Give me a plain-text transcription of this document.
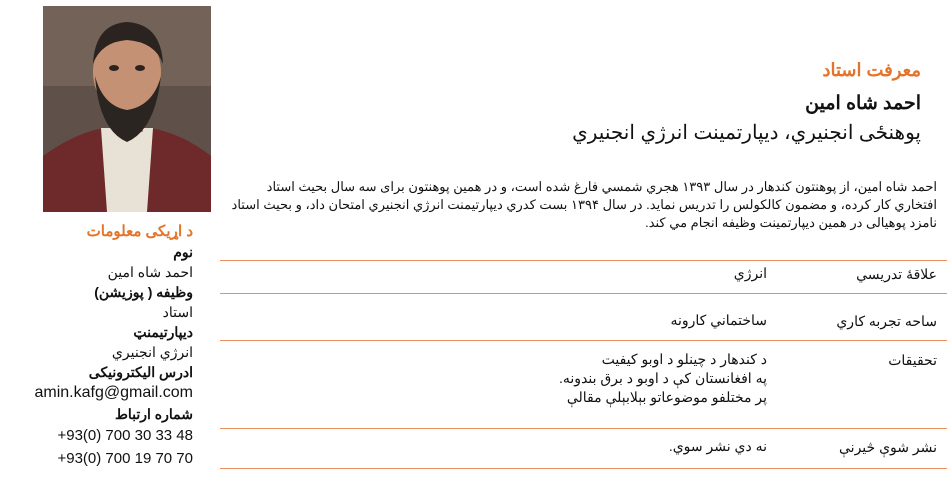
د اړیکی معلومات
نوم
احمد شاه امین
وظیفه ( پوزیشن)
استاد
دیپارتیمنټ
انرژي انجنيري
ادرس الیکترونیکی
amin.kafg@gmail.com
شماره ارتباط
+93(0) 700 30 33 48
+93(0) 700 19 70 70
معرفت استاد
احمد شاه امين
پوهنځی انجنیري، ديپارتمينت انرژي انجنيري
احمد شاه امین، از پوهنتون کندهار در سال ۱۳۹۳ هجري شمسي فارغ شده است، و در همين پوهنتون براى سه سال بحيث استاد افتخاري کار کرده، و مضمون کالکولس را تدريس نمايد. در سال ۱۳۹۴ بست کدري ديپارتيمنت انرژي انجنيري امتحان داد، و بحيث استاد نامزد پوهيالى در همين ديپارتمينت وظيفه انجام مي کند.
علاقۀ تدريسي
انرژي
ساحه تجربه کاري
ساختماني کارونه
تحقیقات
د کندهار د چينلو د اوبو کيفيت
په افغانستان کې د اوبو د برق بندونه.
پر مختلفو موضوعاتو بېلابېلې مقالې
نشر شوې څيرنې
نه دي نشر سوي.
